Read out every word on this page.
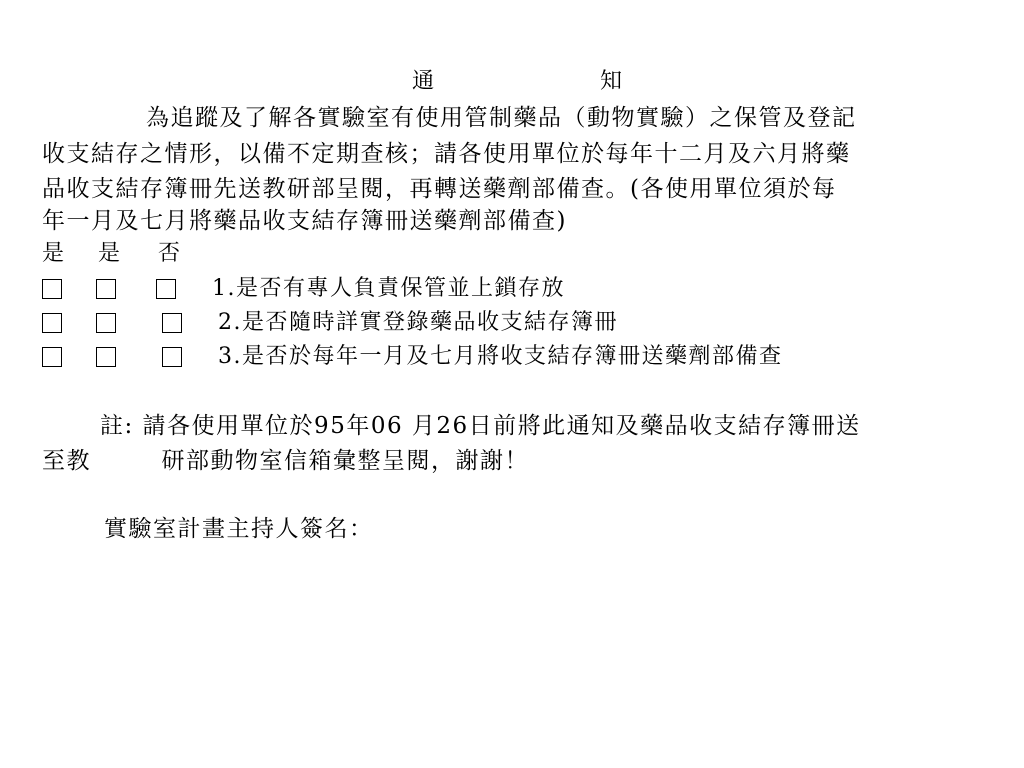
通	知
為追蹤及了解各實驗室有使用管制藥品（動物實驗）之保管及登記
收支結存之情形，以備不定期查核；請各使用單位於每年十二月及六月將藥
品收支結存簿冊先送教研部呈閱，再轉送藥劑部備查。(各使用單位須於每
年一月及七月將藥品收支結存簿冊送藥劑部備查)
是 是 否
1.是否有專人負責保管並上鎖存放
2.是否隨時詳實登錄藥品收支結存簿冊
3.是否於每年一月及七月將收支結存簿冊送藥劑部備查
註: 請各使用單位於95年06 月26日前將此通知及藥品收支結存簿冊送
至教        研部動物室信箱彙整呈閱，謝謝！
實驗室計畫主持人簽名：
